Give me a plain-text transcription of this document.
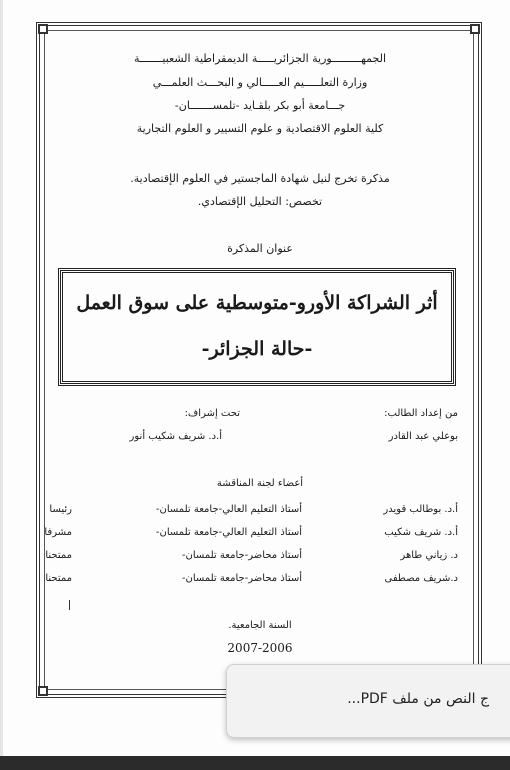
الجمهـــــــــورية الجزائريـــــة الديمقراطية الشعبيـــــــة
وزارة التعلـــــيم العـــــالي و البحـــث العلمـــي
جـــامعة أبو بكر بلقـايد -تلمســـــــان-
كلية العلوم الاقتصادية و علوم التسيير و العلوم التجارية
مذكرة تخرج لنيل شهادة الماجستير في العلوم الإقتصادية.
تخصص: التحليل الإقتصادي.
عنوان المذكرة
أثر الشراكة الأورو-متوسطية على سوق العمل
-حالة الجزائر-
من إعداد الطالب:
بوعلي عبد القادر
تحت إشراف:
أ.د. شريف شكيب أنور
أعضاء لجنة المناقشة
أ.د. بوطالب قويدر
أستاذ التعليم العالي-جامعة تلمسان-
رئيسا
أ.د. شريف شكيب
أستاذ التعليم العالي-جامعة تلمسان-
مشرفا
د. زياني طاهر
أستاذ محاضر-جامعة تلمسان-
ممتحنا
د.شريف مصطفى
أستاذ محاضر-جامعة تلمسان-
ممتحنا
السنة الجامعية.
2007-2006
ج النص من ملف PDF...
